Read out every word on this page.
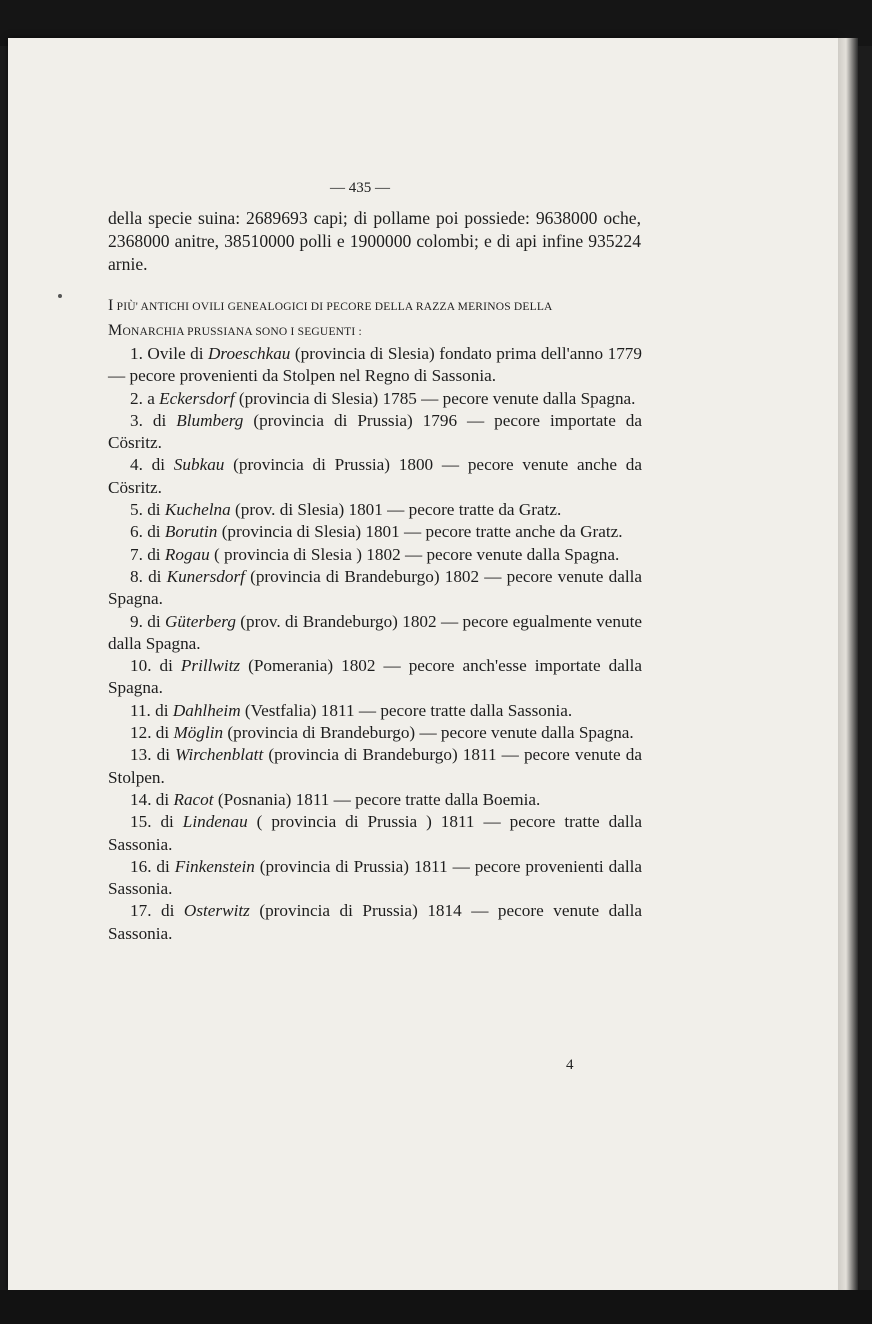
— 435 —
della specie suina: 2689693 capi; di pollame poi possiede: 9638000 oche, 2368000 anitre, 38510000 polli e 1900000 colombi; e di api infine 935224 arnie.
I PIÙ' ANTICHI OVILI GENEALOGICI DI PECORE DELLA RAZZA MERINOS DELLA
MONARCHIA PRUSSIANA SONO I SEGUENTI :

1. Ovile di Droeschkau (provincia di Slesia) fondato prima dell'anno 1779 — pecore provenienti da Stolpen nel Regno di Sassonia.

2. a Eckersdorf (provincia di Slesia) 1785 — pecore venute dalla Spagna.

3. di Blumberg (provincia di Prussia) 1796 — pecore importate da Cösritz.

4. di Subkau (provincia di Prussia) 1800 — pecore venute anche da Cösritz.

5. di Kuchelna (prov. di Slesia) 1801 — pecore tratte da Gratz.

6. di Borutin (provincia di Slesia) 1801 — pecore tratte anche da Gratz.

7. di Rogau ( provincia di Slesia ) 1802 — pecore venute dalla Spagna.

8. di Kunersdorf (provincia di Brandeburgo) 1802 — pecore venute dalla Spagna.

9. di Güterberg (prov. di Brandeburgo) 1802 — pecore egualmente venute dalla Spagna.

10. di Prillwitz (Pomerania) 1802 — pecore anch'esse importate dalla Spagna.

11. di Dahlheim (Vestfalia) 1811 — pecore tratte dalla Sassonia.

12. di Möglin (provincia di Brandeburgo) — pecore venute dalla Spagna.

13. di Wirchenblatt (provincia di Brandeburgo) 1811 — pecore venute da Stolpen.

14. di Racot (Posnania) 1811 — pecore tratte dalla Boemia.

15. di Lindenau ( provincia di Prussia ) 1811 — pecore tratte dalla Sassonia.

16. di Finkenstein (provincia di Prussia) 1811 — pecore provenienti dalla Sassonia.

17. di Osterwitz (provincia di Prussia) 1814 — pecore venute dalla Sassonia.

4
